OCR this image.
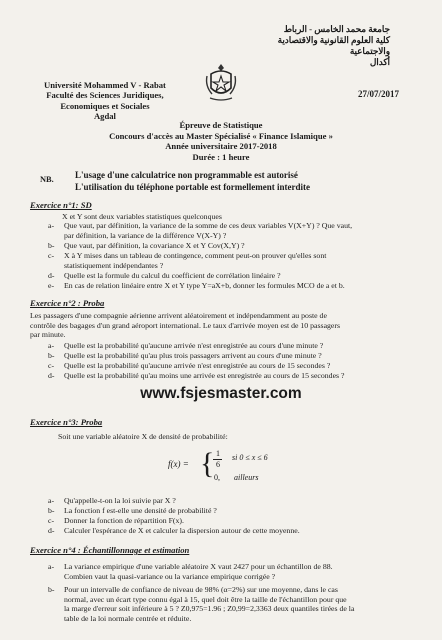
Université Mohammed V - Rabat
Faculté des Sciences Juridiques,
Economiques et Sociales
Agdal
جامعة محمد الخامس - الرباط
كلية العلوم القانونية والاقتصادية
والاجتماعية
أكدال
27/07/2017
Épreuve de Statistique
Concours d'accès au Master Spécialisé « Finance Islamique »
Année universitaire 2017-2018
Durée : 1 heure
NB. L'usage d'une calculatrice non programmable est autorisé
L'utilisation du téléphone portable est formellement interdite
Exercice n°1: SD
X et Y sont deux variables statistiques quelconques
a- Que vaut, par définition, la variance de la somme de ces deux variables V(X+Y) ? Que vaut,
par définition, la variance de la différence V(X-Y) ?
b- Que vaut, par définition, la covariance X et Y Cov(X,Y) ?
c- X à Y mises dans un tableau de contingence, comment peut-on prouver qu'elles sont
statistiquement indépendantes ?
d- Quelle est la formule du calcul du coefficient de corrélation linéaire ?
e- En cas de relation linéaire entre X et Y type Y=aX+b, donner les formules MCO de a et b.
Exercice n°2 : Proba
Les passagers d'une compagnie aérienne arrivent aléatoirement et indépendamment au poste de
contrôle des bagages d'un grand aéroport international. Le taux d'arrivée moyen est de 10 passagers
par minute.
a- Quelle est la probabilité qu'aucune arrivée n'est enregistrée au cours d'une minute ?
b- Quelle est la probabilité qu'au plus trois passagers arrivent au cours d'une minute ?
c- Quelle est la probabilité qu'aucune arrivée n'est enregistrée au cours de 15 secondes ?
d- Quelle est la probabilité qu'au moins une arrivée est enregistrée au cours de 15 secondes ?
www.fsjesmaster.com
Exercice n°3: Proba
Soit une variable aléatoire X de densité de probabilité:
f(x) = { 1
6
si 0 ≤ x ≤ 6
0, ailleurs
a- Qu'appelle-t-on la loi suivie par X ?
b- La fonction f est-elle une densité de probabilité ?
c- Donner la fonction de répartition F(x).
d- Calculer l'espérance de X et calculer la dispersion autour de cette moyenne.
Exercice n°4 : Échantillonnage et estimation
a- La variance empirique d'une variable aléatoire X vaut 2427 pour un échantillon de 88.
Combien vaut la quasi-variance ou la variance empirique corrigée ?
b- Pour un intervalle de confiance de niveau de 98% (α=2%) sur une moyenne, dans le cas
normal, avec un écart type connu égal à 15, quel doit être la taille de l'échantillon pour que
la marge d'erreur soit inférieure à 5 ? Z0,975=1.96 ; Z0,99=2,3363 deux quantiles tirées de la
table de la loi normale centrée et réduite.
